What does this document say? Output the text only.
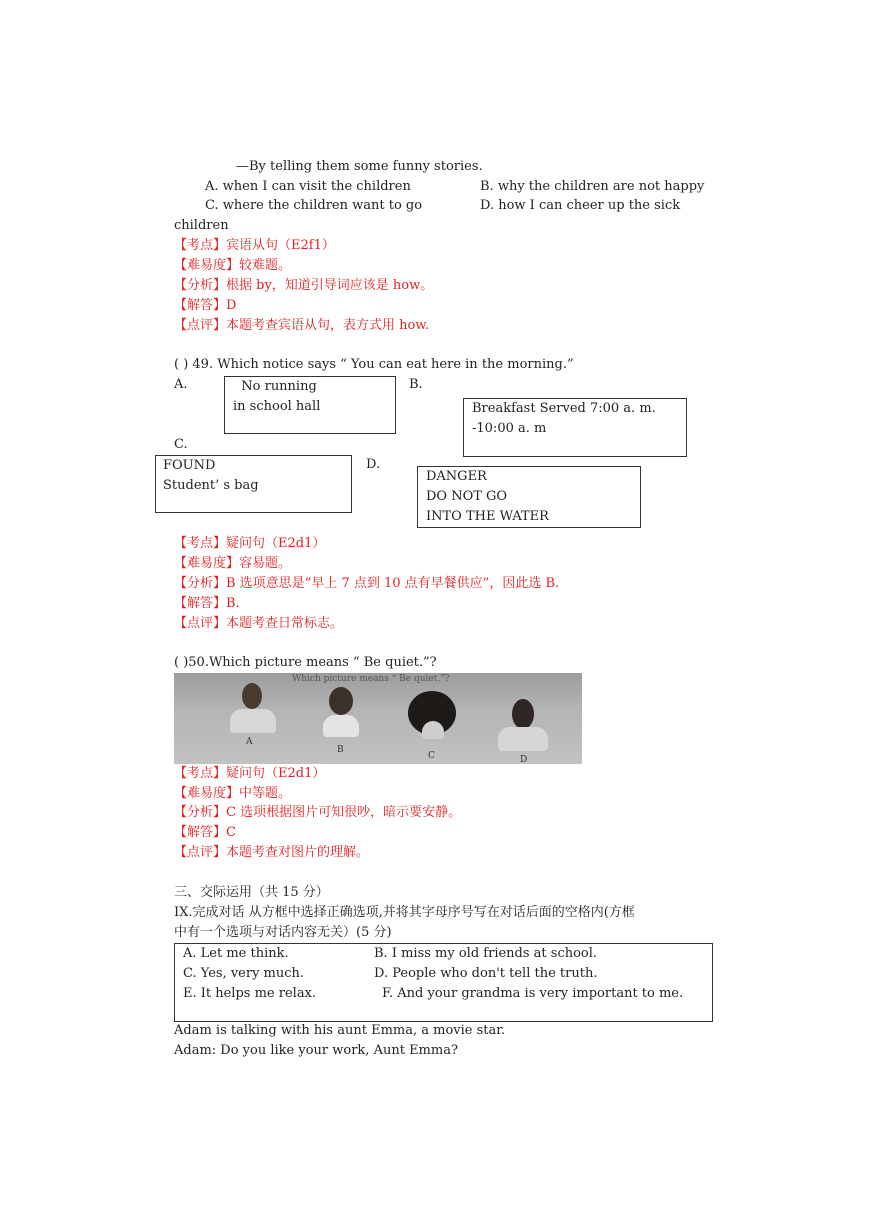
—By telling them some funny stories.
A. when I can visit the children	B. why the children are not happy
C. where the children want to go	D. how I can cheer up the sick
children
【考点】宾语从句（E2f1）
【难易度】较难题。
【分析】根据 by，知道引导词应该是 how。
【解答】D
【点评】本题考查宾语从句，表方式用 how.
( ) 49. Which notice says “ You can eat here in the morning.”
A.	No running
in school hall
B.
Breakfast Served 7:00 a. m.
-10:00 a. m
C.
FOUND
Student’ s bag
D.
DANGER
DO NOT GO
INTO THE WATER
【考点】疑问句（E2d1）
【难易度】容易题。
【分析】B 选项意思是“早上 7 点到 10 点有早餐供应”，因此选 B.
【解答】B.
【点评】本题考查日常标志。
( )50.Which picture means “ Be quiet.”?
Which picture means “ Be quiet.”?
A
B
C	D
【考点】疑问句（E2d1）
【难易度】中等题。
【分析】C 选项根据图片可知很吵，暗示要安静。
【解答】C
【点评】本题考查对图片的理解。
三、交际运用（共 15 分）
IX.完成对话 从方框中选择正确选项,并将其字母序号写在对话后面的空格内(方框
中有一个选项与对话内容无关）(5 分)
A. Let me think.	B. I miss my old friends at school.
C. Yes, very much.	D. People who don't tell the truth.
E. It helps me relax.	F. And your grandma is very important to me.
Adam is talking with his aunt Emma, a movie star.
Adam: Do you like your work, Aunt Emma?
